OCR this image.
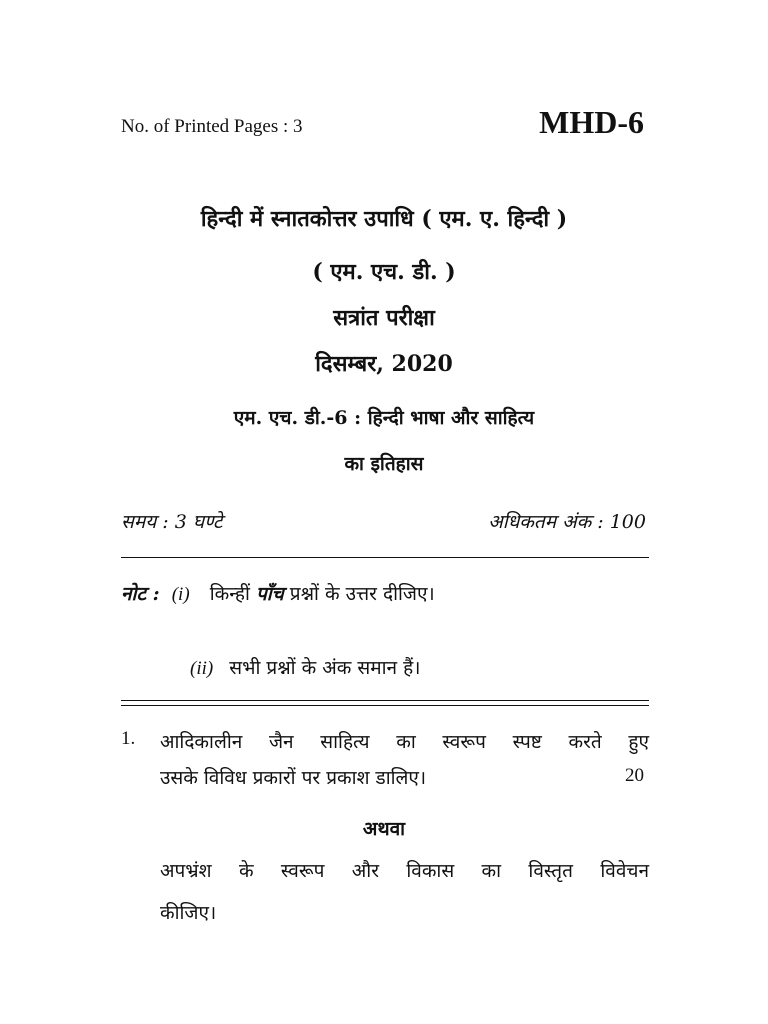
No. of Printed Pages : 3	MHD-6
हिन्दी में स्नातकोत्तर उपाधि ( एम. ए. हिन्दी )
( एम. एच. डी. )
सत्रांत परीक्षा
दिसम्बर, 2020
एम. एच. डी.-6 : हिन्दी भाषा और साहित्य
का इतिहास
समय : 3 घण्टे	अधिकतम अंक : 100
नोट : (i) किन्हीं पाँच प्रश्नों के उत्तर दीजिए।
(ii) सभी प्रश्नों के अंक समान हैं।
1. आदिकालीन जैन साहित्य का स्वरूप स्पष्ट करते हुए
उसके विविध प्रकारों पर प्रकाश डालिए।	20
अथवा
अपभ्रंश के स्वरूप और विकास का विस्तृत विवेचन
कीजिए।
